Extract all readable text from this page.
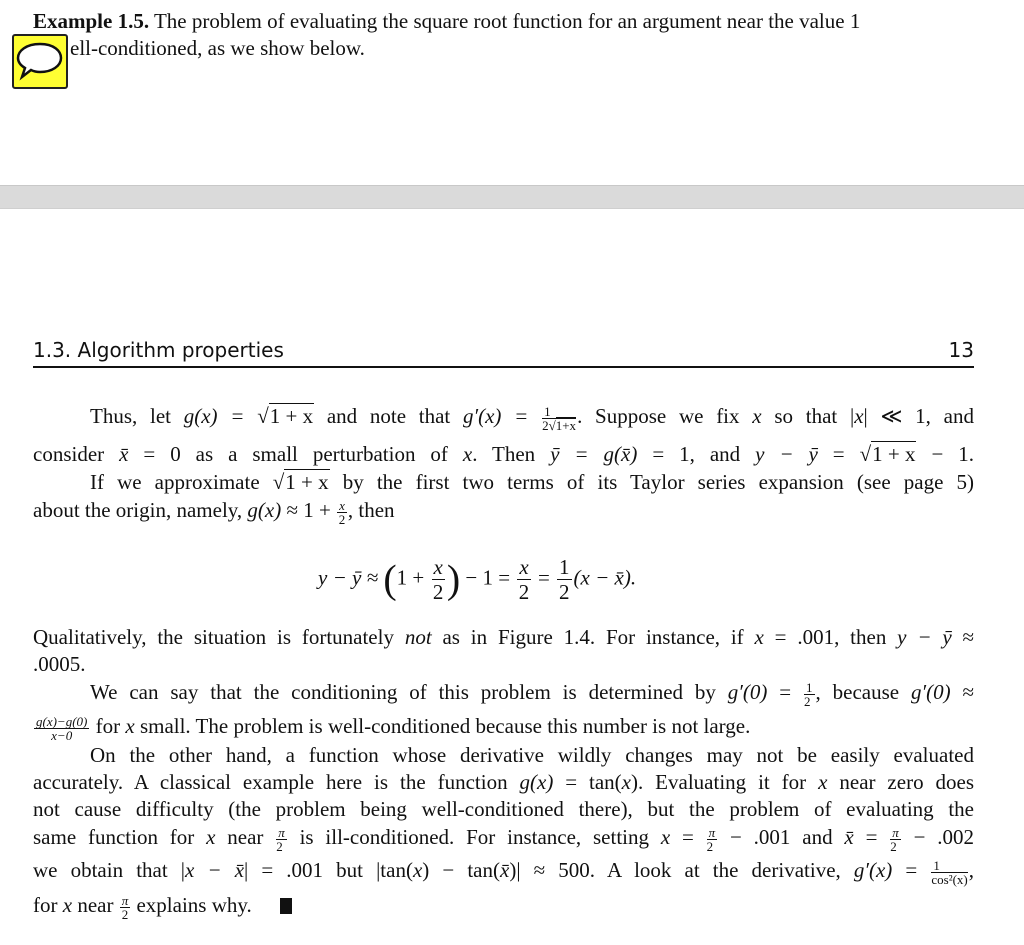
Example 1.5. The problem of evaluating the square root function for an argument near the value 1
ell-conditioned, as we show below.
1.3. Algorithm properties	13
Thus, let g(x) = √1 + x and note that $g'(x) = \frac{1}{2√1+x}$ . Suppose we fix x so that |x| ≪ 1, and
consider x̄ = 0 as a small perturbation of x. Then ȳ = g(x̄) = 1, and y − ȳ = √1 + x − 1.
If we approximate √1 + x by the first two terms of its Taylor series expansion (see page 5)
about the origin, namely, $g(x) \approx 1 + \frac{x}{2}$ , then
y − ȳ ≈ ($1 + \frac{x}{2}$ ) − $1 = \frac{x}{2} = \frac{1}{2} (x$ − x̄).
Qualitatively, the situation is fortunately not as in Figure 1.4. For instance, if x = .001, then y − ȳ ≈
.0005.
We can say that the conditioning of this problem is determined by $g'(0) = \frac{1}{2}$ , because g′(0) ≈
$\frac{g(x)-g(0)}{x-0}$ for x small. The problem is well-conditioned because this number is not large.
On the other hand, a function whose derivative wildly changes may not be easily evaluated
accurately. A classical example here is the function g(x) = tan(x). Evaluating it for x near zero does
not cause difficulty (the problem being well-conditioned there), but the problem of evaluating the
same function for x near $\frac{\pi}{2}$ is ill-conditioned. For instance, setting $x = \frac{\pi}{2} - .001$ and x̄ = $\frac{\pi}{2} - .002$
we obtain that |x − x̄| = .001 but |tan(x) − tan(x̄)| ≈ 500. A look at the derivative, $g'(x) = \frac{1}{\text{cos²(x)}}$ ,
for x near $\frac{\pi}{2}$ explains why.
